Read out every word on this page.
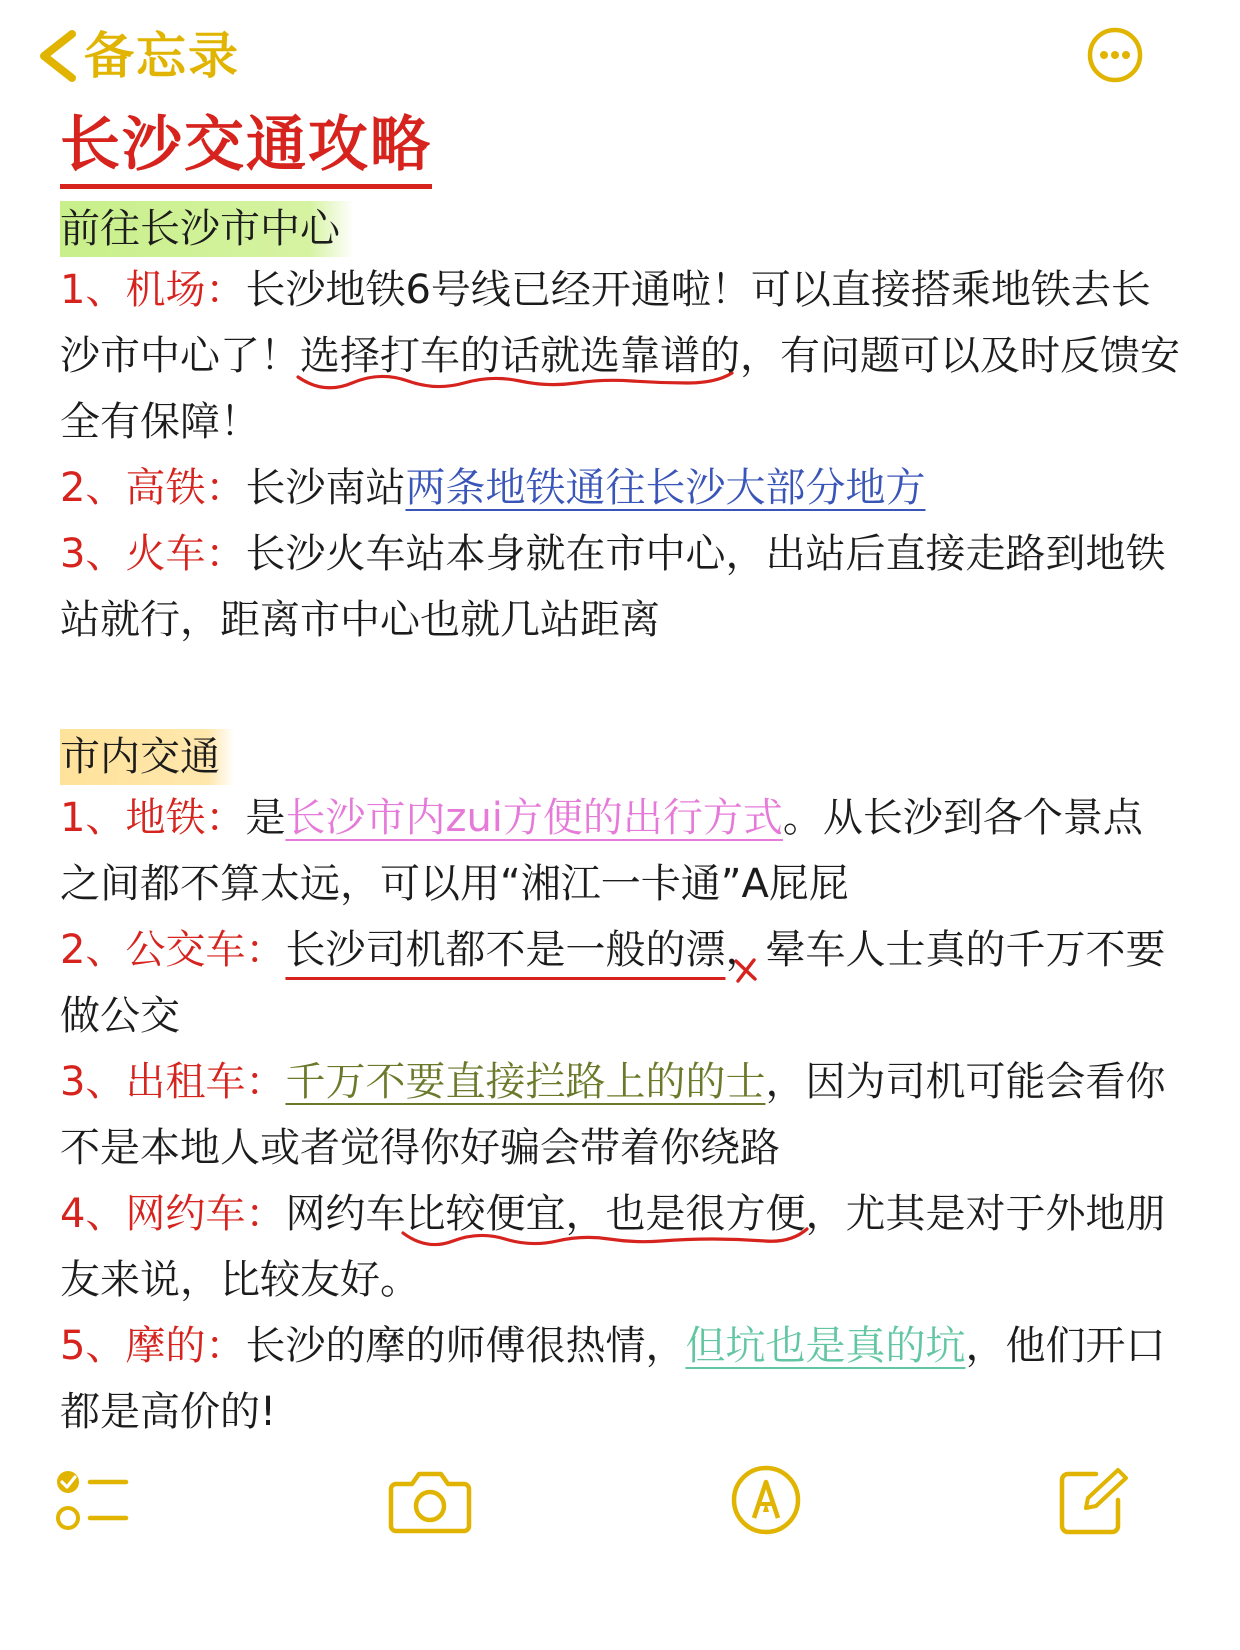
备忘录
长沙交通攻略
前往长沙市中心

1、机场：长沙地铁6号线已经开通啦！可以直接搭乘地铁去长沙市中心了！选择打车的话就选靠谱的
，有问题可以及时反馈安全有保障！

2、高铁：长沙南站两条地铁通往长沙大部分地方

3、火车：长沙火车站本身就在市中心，出站后直接走路到地铁站就行，距离市中心也就几站距离

市内交通

1、地铁：是长沙市内zui方便的出行方式。从长沙到各个景点之间都不算太远，可以用“湘江一卡通”A屁屁

2、公交车：长沙司机都不是一般的漂
，晕车人士真的千万不要做公交

3、出租车：千万不要直接拦路上的的士，因为司机可能会看你不是本地人或者觉得你好骗会带着你绕路

4、网约车：网约车比较便宜，也是很方便
，尤其是对于外地朋友来说，比较友好。

5、摩的：长沙的摩的师傅很热情，但坑也是真的坑，他们开口都是高价的!
